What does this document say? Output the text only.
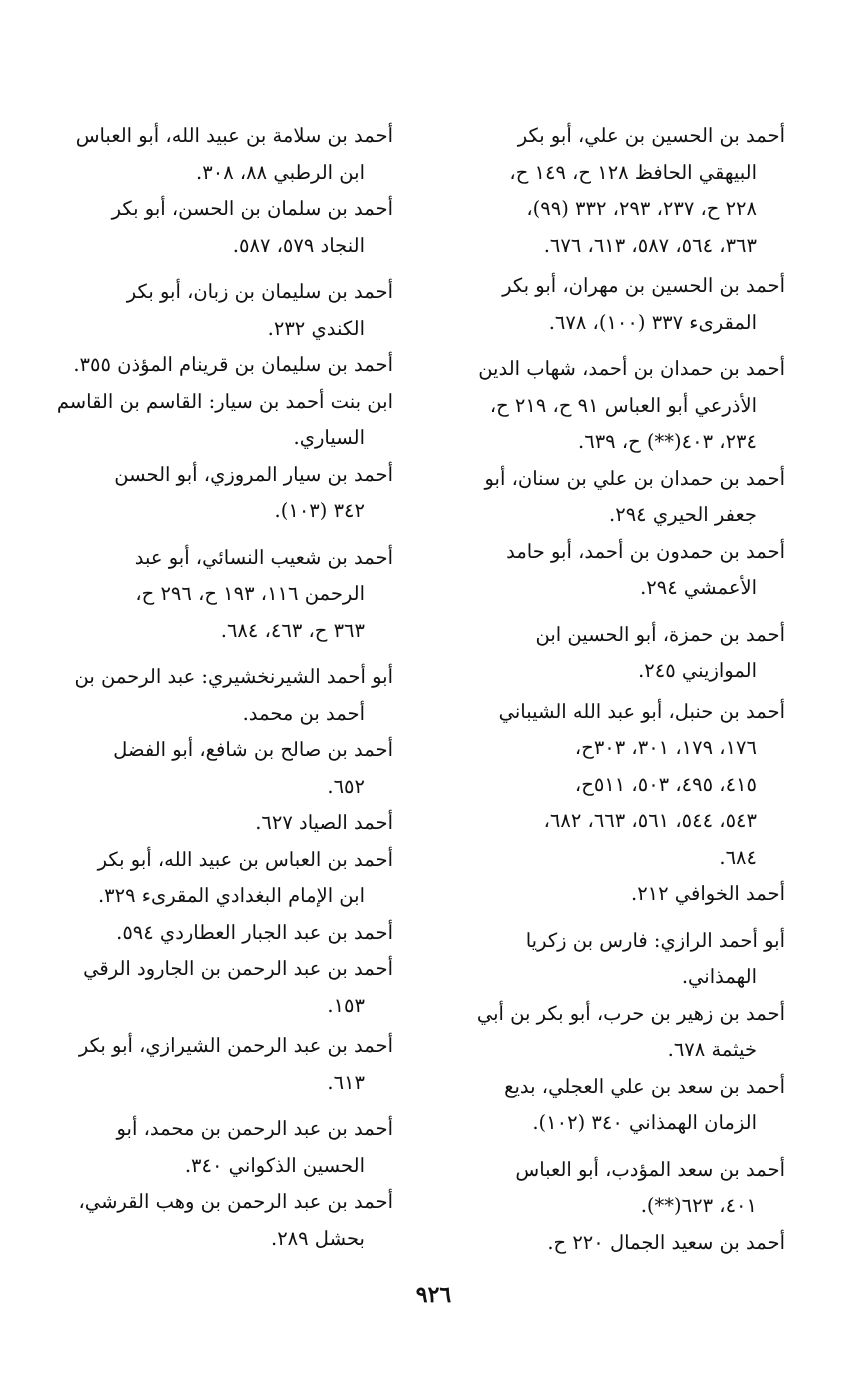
أحمد بن الحسين بن علي، أبو بكر
البيهقي الحافظ ١٢٨ ح، ١٤٩ ح،
٢٢٨ ح، ٢٣٧، ٢٩٣، ٣٣٢ (٩٩)،
٣٦٣، ٥٦٤، ٥٨٧، ٦١٣، ٦٧٦.
أحمد بن الحسين بن مهران، أبو بكر
المقرىء ٣٣٧ (١٠٠)، ٦٧٨.
أحمد بن حمدان بن أحمد، شهاب الدين
الأذرعي أبو العباس ٩١ ح، ٢١٩ ح،
٢٣٤، ٤٠٣(**) ح، ٦٣٩.
أحمد بن حمدان بن علي بن سنان، أبو
جعفر الحيري ٢٩٤.
أحمد بن حمدون بن أحمد، أبو حامد
الأعمشي ٢٩٤.
أحمد بن حمزة، أبو الحسين ابن
الموازيني ٢٤٥.
أحمد بن حنبل، أبو عبد الله الشيباني
١٧٦، ١٧٩، ٣٠١، ٣٠٣ح،
٤١٥، ٤٩٥، ٥٠٣، ٥١١ح،
٥٤٣، ٥٤٤، ٥٦١، ٦٦٣، ٦٨٢،
٦٨٤.
أحمد الخوافي ٢١٢.
أبو أحمد الرازي: فارس بن زكريا
الهمذاني.
أحمد بن زهير بن حرب، أبو بكر بن أبي
خيثمة ٦٧٨.
أحمد بن سعد بن علي العجلي، بديع
الزمان الهمذاني ٣٤٠ (١٠٢).
أحمد بن سعد المؤدب، أبو العباس
٤٠١، ٦٢٣(**).
أحمد بن سعيد الجمال ٢٢٠ ح.
أحمد بن سلامة بن عبيد الله، أبو العباس
ابن الرطبي ٨٨، ٣٠٨.
أحمد بن سلمان بن الحسن، أبو بكر
النجاد ٥٧٩، ٥٨٧.
أحمد بن سليمان بن زبان، أبو بكر
الكندي ٢٣٢.
أحمد بن سليمان بن قرينام المؤذن ٣٥٥.
ابن بنت أحمد بن سيار: القاسم بن القاسم
السياري.
أحمد بن سيار المروزي، أبو الحسن
٣٤٢ (١٠٣).
أحمد بن شعيب النسائي، أبو عبد
الرحمن ١١٦، ١٩٣ ح، ٢٩٦ ح،
٣٦٣ ح، ٤٦٣، ٦٨٤.
أبو أحمد الشيرنخشيري: عبد الرحمن بن
أحمد بن محمد.
أحمد بن صالح بن شافع، أبو الفضل
٦٥٢.
أحمد الصياد ٦٢٧.
أحمد بن العباس بن عبيد الله، أبو بكر
ابن الإمام البغدادي المقرىء ٣٢٩.
أحمد بن عبد الجبار العطاردي ٥٩٤.
أحمد بن عبد الرحمن بن الجارود الرقي
١٥٣.
أحمد بن عبد الرحمن الشيرازي، أبو بكر
٦١٣.
أحمد بن عبد الرحمن بن محمد، أبو
الحسين الذكواني ٣٤٠.
أحمد بن عبد الرحمن بن وهب القرشي،
بحشل ٢٨٩.
٩٢٦
